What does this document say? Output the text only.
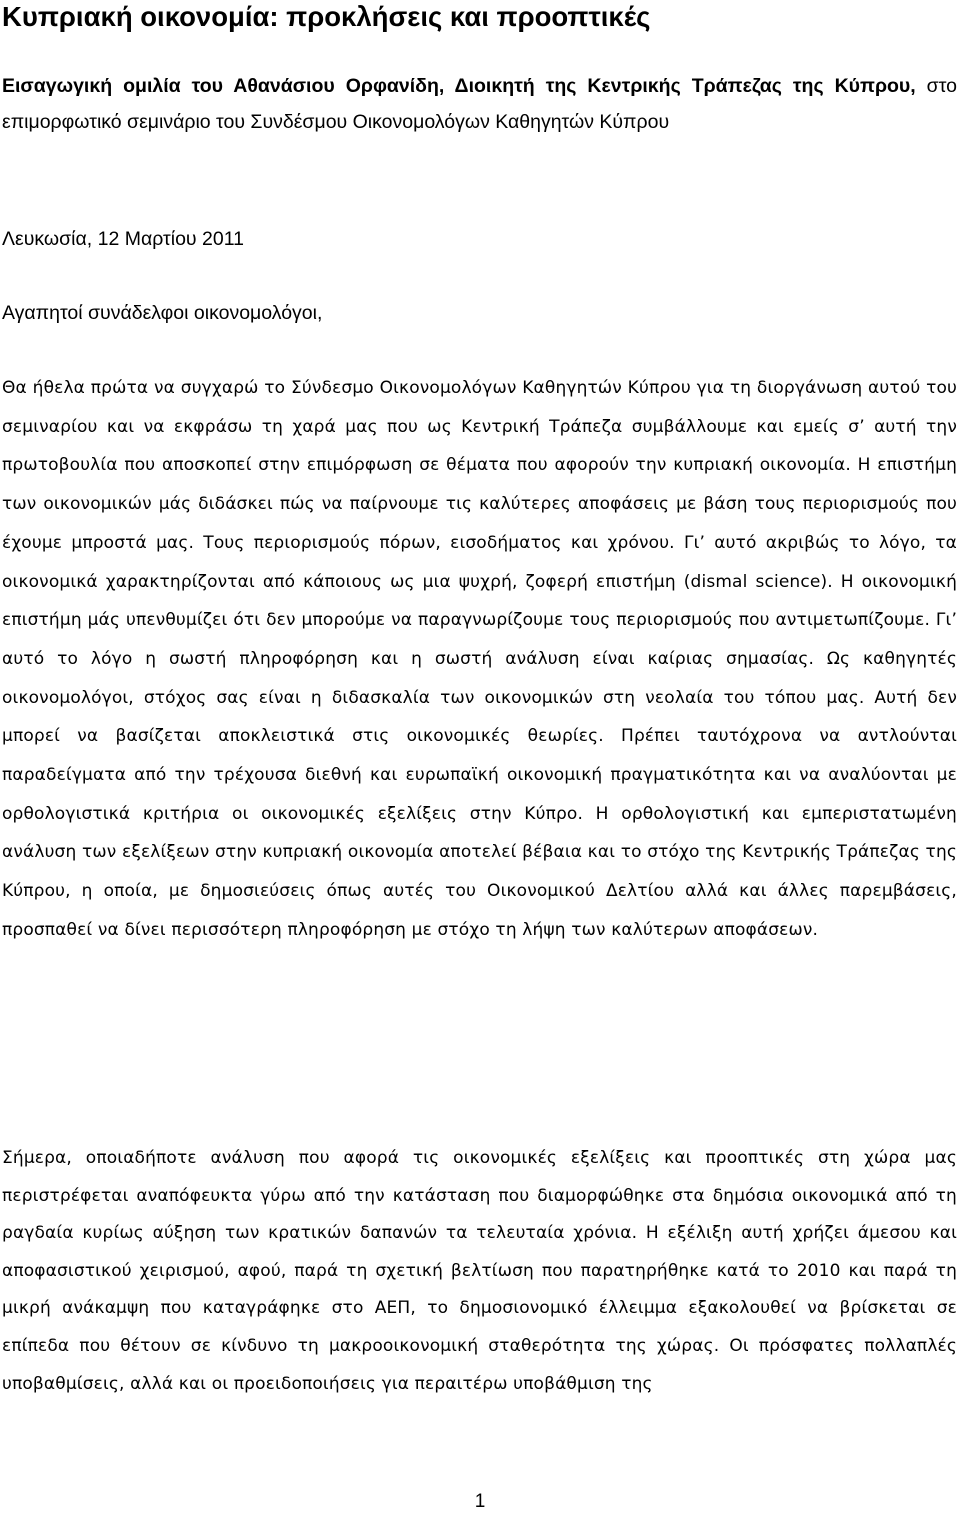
Κυπριακή οικονομία: προκλήσεις και προοπτικές
Εισαγωγική ομιλία του Αθανάσιου Ορφανίδη, Διοικητή της Κεντρικής Τράπεζας της Κύπρου, στο επιμορφωτικό σεμινάριο του Συνδέσμου Οικονομολόγων Καθηγητών Κύπρου
Λευκωσία, 12 Μαρτίου 2011
Αγαπητοί συνάδελφοι οικονομολόγοι,
Θα ήθελα πρώτα να συγχαρώ το Σύνδεσμο Οικονομολόγων Καθηγητών Κύπρου για τη διοργάνωση αυτού του σεμιναρίου και να εκφράσω τη χαρά μας που ως Κεντρική Τράπεζα συμβάλλουμε και εμείς σ’ αυτή την πρωτοβουλία που αποσκοπεί στην επιμόρφωση σε θέματα που αφορούν την κυπριακή οικονομία. Η επιστήμη των οικονομικών μάς διδάσκει πώς να παίρνουμε τις καλύτερες αποφάσεις με βάση τους περιορισμούς που έχουμε μπροστά μας. Τους περιορισμούς πόρων, εισοδήματος και χρόνου. Γι’ αυτό ακριβώς το λόγο, τα οικονομικά χαρακτηρίζονται από κάποιους ως μια ψυχρή, ζοφερή επιστήμη (dismal science). Η οικονομική επιστήμη μάς υπενθυμίζει ότι δεν μπορούμε να παραγνωρίζουμε τους περιορισμούς που αντιμετωπίζουμε. Γι’ αυτό το λόγο η σωστή πληροφόρηση και η σωστή ανάλυση είναι καίριας σημασίας. Ως καθηγητές οικονομολόγοι, στόχος σας είναι η διδασκαλία των οικονομικών στη νεολαία του τόπου μας. Αυτή δεν μπορεί να βασίζεται αποκλειστικά στις οικονομικές θεωρίες. Πρέπει ταυτόχρονα να αντλούνται παραδείγματα από την τρέχουσα διεθνή και ευρωπαϊκή οικονομική πραγματικότητα και να αναλύονται με ορθολογιστικά κριτήρια οι οικονομικές εξελίξεις στην Κύπρο. Η ορθολογιστική και εμπεριστατωμένη ανάλυση των εξελίξεων στην κυπριακή οικονομία αποτελεί βέβαια και το στόχο της Κεντρικής Τράπεζας της Κύπρου, η οποία, με δημοσιεύσεις όπως αυτές του Οικονομικού Δελτίου αλλά και άλλες παρεμβάσεις, προσπαθεί να δίνει περισσότερη πληροφόρηση με στόχο τη λήψη των καλύτερων αποφάσεων.
Σήμερα, οποιαδήποτε ανάλυση που αφορά τις οικονομικές εξελίξεις και προοπτικές στη χώρα μας περιστρέφεται αναπόφευκτα γύρω από την κατάσταση που διαμορφώθηκε στα δημόσια οικονομικά από τη ραγδαία κυρίως αύξηση των κρατικών δαπανών τα τελευταία χρόνια. Η εξέλιξη αυτή χρήζει άμεσου και αποφασιστικού χειρισμού, αφού, παρά τη σχετική βελτίωση που παρατηρήθηκε κατά το 2010 και παρά τη μικρή ανάκαμψη που καταγράφηκε στο ΑΕΠ, το δημοσιονομικό έλλειμμα εξακολουθεί να βρίσκεται σε επίπεδα που θέτουν σε κίνδυνο τη μακροοικονομική σταθερότητα της χώρας. Οι πρόσφατες πολλαπλές υποβαθμίσεις, αλλά και οι προειδοποιήσεις για περαιτέρω υποβάθμιση της
1
